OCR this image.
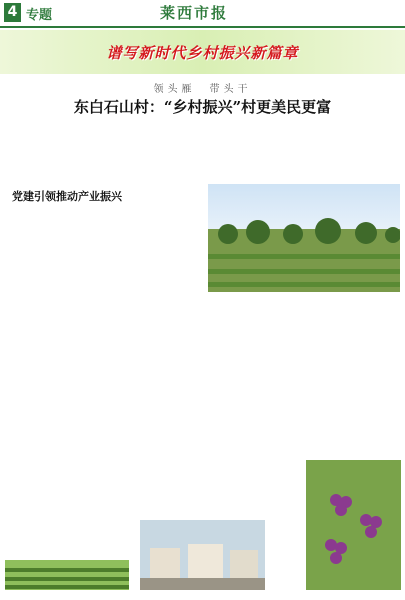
4 专题	莱西市报
谱写新时代乡村振兴新篇章
领头雁　带头干
东白石山村：“乡村振兴”村更美民更富
党建引领推动产业振兴
